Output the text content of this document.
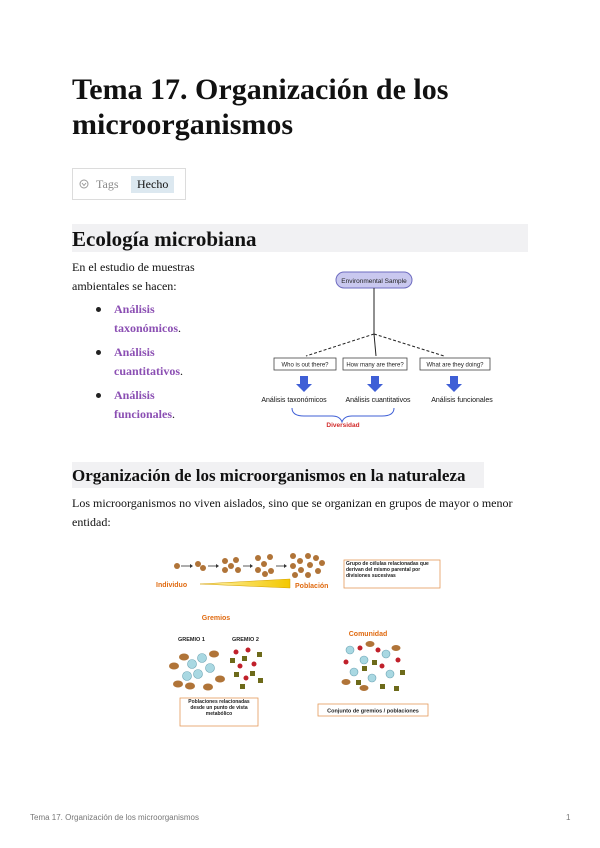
Tema 17. Organización de los microorganismos
Tags	Hecho
Ecología microbiana

En el estudio de muestras ambientales se hacen:

Análisis taxonómicos.
Análisis cuantitativos.
Análisis funcionales.
Environmental Sample
Who is out there?	How many are there?	What are they doing?
Análisis taxonómicos	Análisis cuantitativos	Análisis funcionales
Diversidad
Organización de los microorganismos en la naturaleza

Los microorganismos no viven aislados, sino que se organizan en grupos de mayor o menor entidad:

Individuo	Población
Grupo de células relacionadas que derivan del mismo parental por divisiones sucesivas
Gremios
GREMIO 1	GREMIO 2
Poblaciones relacionadas desde un punto de vista metabólico
Comunidad
Conjunto de gremios / poblaciones
Tema 17. Organización de los microorganismos	1
